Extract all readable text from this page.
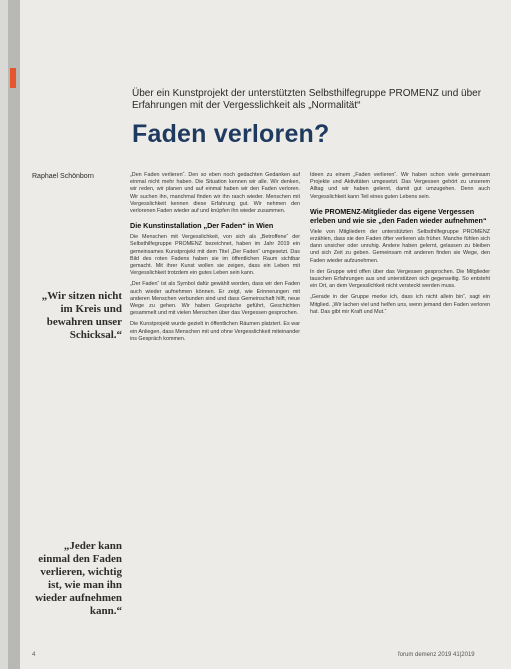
Über ein Kunstprojekt der unterstützten Selbsthilfegruppe PROMENZ und über Erfahrungen mit der Vergesslichkeit als „Normalität“
Faden verloren?
Raphael Schönborn	„Den Faden verlieren“. Den so eben noch gedachten Gedanken auf einmal nicht mehr haben. Die Situation kennen wir alle. Wir denken, wir reden, wir planen und auf einmal haben wir den Faden verloren. Wir suchen ihn, manchmal finden wir ihn rasch wieder. Menschen mit Vergesslichkeit kennen diese Erfahrung gut. Wir nehmen den verlorenen Faden wieder auf und knüpfen ihn wieder zusammen.

Die Kunstinstallation „Der Faden“ in Wien

Die Menschen mit Vergesslichkeit, von sich als „Betroffene“ der Selbsthilfegruppe PROMENZ bezeichnet, haben im Jahr 2019 ein gemeinsames Kunstprojekt mit dem Titel „Der Faden“ umgesetzt. Das Bild des roten Fadens haben sie im öffentlichen Raum sichtbar gemacht. Mit ihrer Kunst wollen sie zeigen, dass ein Leben mit Vergesslichkeit trotzdem ein gutes Leben sein kann.

„Der Faden“ ist als Symbol dafür gewählt worden, dass wir den Faden auch wieder aufnehmen können. Er zeigt, wie Erinnerungen mit anderen Menschen verbunden sind und dass Gemeinschaft hilft, neue Wege zu gehen. Wir haben Gespräche geführt, Geschichten gesammelt und mit vielen Menschen über das Vergessen gesprochen.

Die Kunstprojekt wurde gezielt in öffentlichen Räumen platziert. Es war ein Anliegen, dass Menschen mit und ohne Vergesslichkeit miteinander ins Gespräch kommen.

Ideen zu einem „Faden verlieren“. Wir haben schon viele gemeinsam Projekte und Aktivitäten umgesetzt. Das Vergessen gehört zu unserem Alltag und wir haben gelernt, damit gut umzugehen. Denn auch Vergesslichkeit kann Teil eines guten Lebens sein.

Wie PROMENZ-Mitglieder das eigene Vergessen erleben und wie sie „den Faden wieder aufnehmen“

Viele von Mitgliedern der unterstützten Selbsthilfegruppe PROMENZ erzählen, dass sie den Faden öfter verlieren als früher. Manche fühlen sich dann unsicher oder unruhig. Andere haben gelernt, gelassen zu bleiben und sich Zeit zu geben. Gemeinsam mit anderen finden sie Wege, den Faden wieder aufzunehmen.

In der Gruppe wird offen über das Vergessen gesprochen. Die Mitglieder tauschen Erfahrungen aus und unterstützen sich gegenseitig. So entsteht ein Ort, an dem Vergesslichkeit nicht versteckt werden muss.

„Gerade in der Gruppe merke ich, dass ich nicht allein bin“, sagt ein Mitglied. „Wir lachen viel und helfen uns, wenn jemand den Faden verloren hat. Das gibt mir Kraft und Mut.“

„Wir sitzen nicht im Kreis und bewahren unser Schicksal.“
„Jeder kann einmal den Faden verlieren, wichtig ist, wie man ihn wieder aufnehmen kann.“
4	forum demenz 2019 41|2019
